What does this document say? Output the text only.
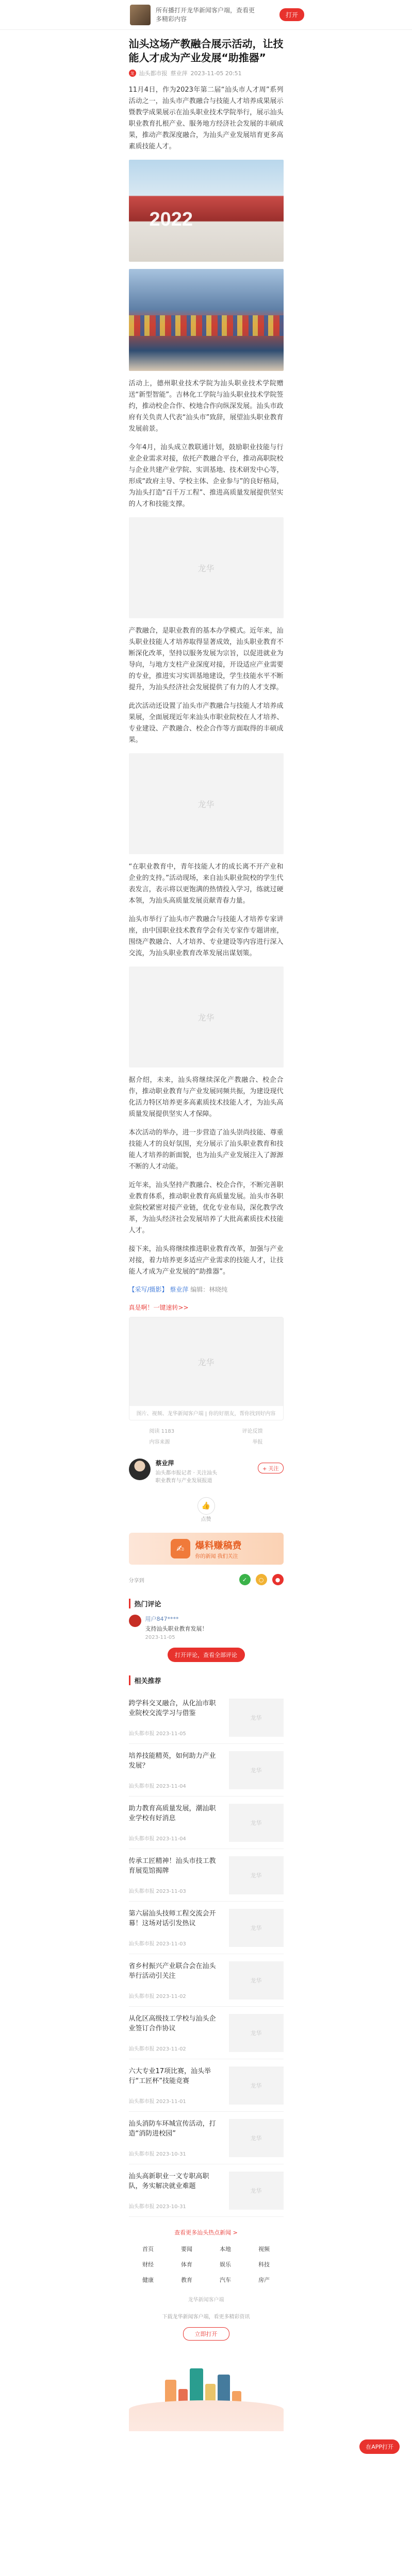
所有播打开龙华新闻客户端，查看更多精彩内容
打开
汕头这场产教融合展示活动，让技能人才成为产业发展“助推器”
龙 汕头都市报 蔡业萍 2023-11-05 20:51

11月4日，作为2023年第二届“汕头市人才周”系列活动之一，汕头市产教融合与技能人才培养成果展示暨教学成果展示在汕头职业技术学院举行，展示汕头职业教育扎根产业、服务地方经济社会发展的丰硕成果，推动产教深度融合，为汕头产业发展培育更多高素质技能人才。

2022

活动上，德州职业技术学院为汕头职业技术学院赠送“新型智能”。吉林化工学院与汕头职业技术学院签约，推动校企合作、校地合作向纵深发展。汕头市政府有关负责人代表“汕头市”致辞，展望汕头职业教育发展前景。

今年4月，汕头成立教联通计划，鼓励职业技能与行业企业需求对接，依托产教融合平台，推动高职院校与企业共建产业学院、实训基地、技术研发中心等，形成“政府主导、学校主体、企业参与”的良好格局，为汕头打造“百千万工程”、推进高质量发展提供坚实的人才和技能支撑。

龙华

产教融合，是职业教育的基本办学模式。近年来，汕头职业技能人才培养取得显著成效，汕头职业教育不断深化改革，坚持以服务发展为宗旨，以促进就业为导向，与地方支柱产业深度对接，开设适应产业需要的专业，推进实习实训基地建设，学生技能水平不断提升，为汕头经济社会发展提供了有力的人才支撑。

此次活动还设置了汕头市产教融合与技能人才培养成果展，全面展现近年来汕头市职业院校在人才培养、专业建设、产教融合、校企合作等方面取得的丰硕成果。

龙华

“在职业教育中，青年技能人才的成长离不开产业和企业的支持。”活动现场，来自汕头职业院校的学生代表发言，表示将以更饱满的热情投入学习，练就过硬本领，为汕头高质量发展贡献青春力量。

汕头市举行了汕头市产教融合与技能人才培养专家讲座，由中国职业技术教育学会有关专家作专题讲座，围绕产教融合、人才培养、专业建设等内容进行深入交流，为汕头职业教育改革发展出谋划策。

龙华

据介绍，未来，汕头将继续深化产教融合、校企合作，推动职业教育与产业发展同频共振，为建设现代化活力特区培养更多高素质技术技能人才，为汕头高质量发展提供坚实人才保障。

本次活动的举办，进一步营造了汕头崇尚技能、尊重技能人才的良好氛围，充分展示了汕头职业教育和技能人才培养的新面貌，也为汕头产业发展注入了源源不断的人才动能。

近年来，汕头坚持产教融合、校企合作，不断完善职业教育体系，推动职业教育高质量发展。汕头市各职业院校紧密对接产业链，优化专业布局，深化教学改革，为汕头经济社会发展培养了大批高素质技术技能人才。

接下来，汕头将继续推进职业教育改革，加强与产业对接，着力培养更多适应产业需求的技能人才，让技能人才成为产业发展的“助推器”。

【采写/摄影】 蔡业萍 编辑：林晓纯
真是啊！一键速转>>
龙华
图片、视频、龙华新闻客户端 | 你的好朋友，帮你找到好内容
阅读 1183	评论反馈
内容来源	举报
蔡业萍
汕头都市报记者 · 关注汕头职业教育与产业发展报道
+ 关注
👍
点赞
✍	爆料赚稿费
你的新闻 我们关注
分享到	✓	○	●
热门评论
用户847****
支持汕头职业教育发展！
2023-11-05
打开评论，查看全部评论
相关推荐
跨学科交叉融合，从化汕市职业院校交流学习与借鉴
汕头都市报 2023-11-05
龙华
培养技能精英，如何助力产业发展？
汕头都市报 2023-11-04
龙华
助力教育高质量发展，潮汕职业学校有好消息
汕头都市报 2023-11-04
龙华
传承工匠精神！汕头市技工教育展览馆揭牌
汕头都市报 2023-11-03
龙华
第六届汕头技师工程交流会开幕！这场对话引发热议
汕头都市报 2023-11-03
龙华
省乡村振兴产业联合会在汕头举行活动引关注
汕头都市报 2023-11-02
龙华
从化区高级技工学校与汕头企业签订合作协议
汕头都市报 2023-11-02
龙华
六大专业17项比赛，汕头举行“工匠杯”技能竞赛
汕头都市报 2023-11-01
龙华
汕头消防车环城宣传活动，打造“消防进校园”
汕头都市报 2023-10-31
龙华
汕头高新职业一文专职高职队，务实解决就业难题
汕头都市报 2023-10-31
龙华
查看更多汕头热点新闻 >
首页	要闻	本地	视频
财经	体育	娱乐	科技
健康	教育	汽车	房产
龙华新闻客户端
下载龙华新闻客户端，看更多精彩资讯
立即打开
在APP打开
